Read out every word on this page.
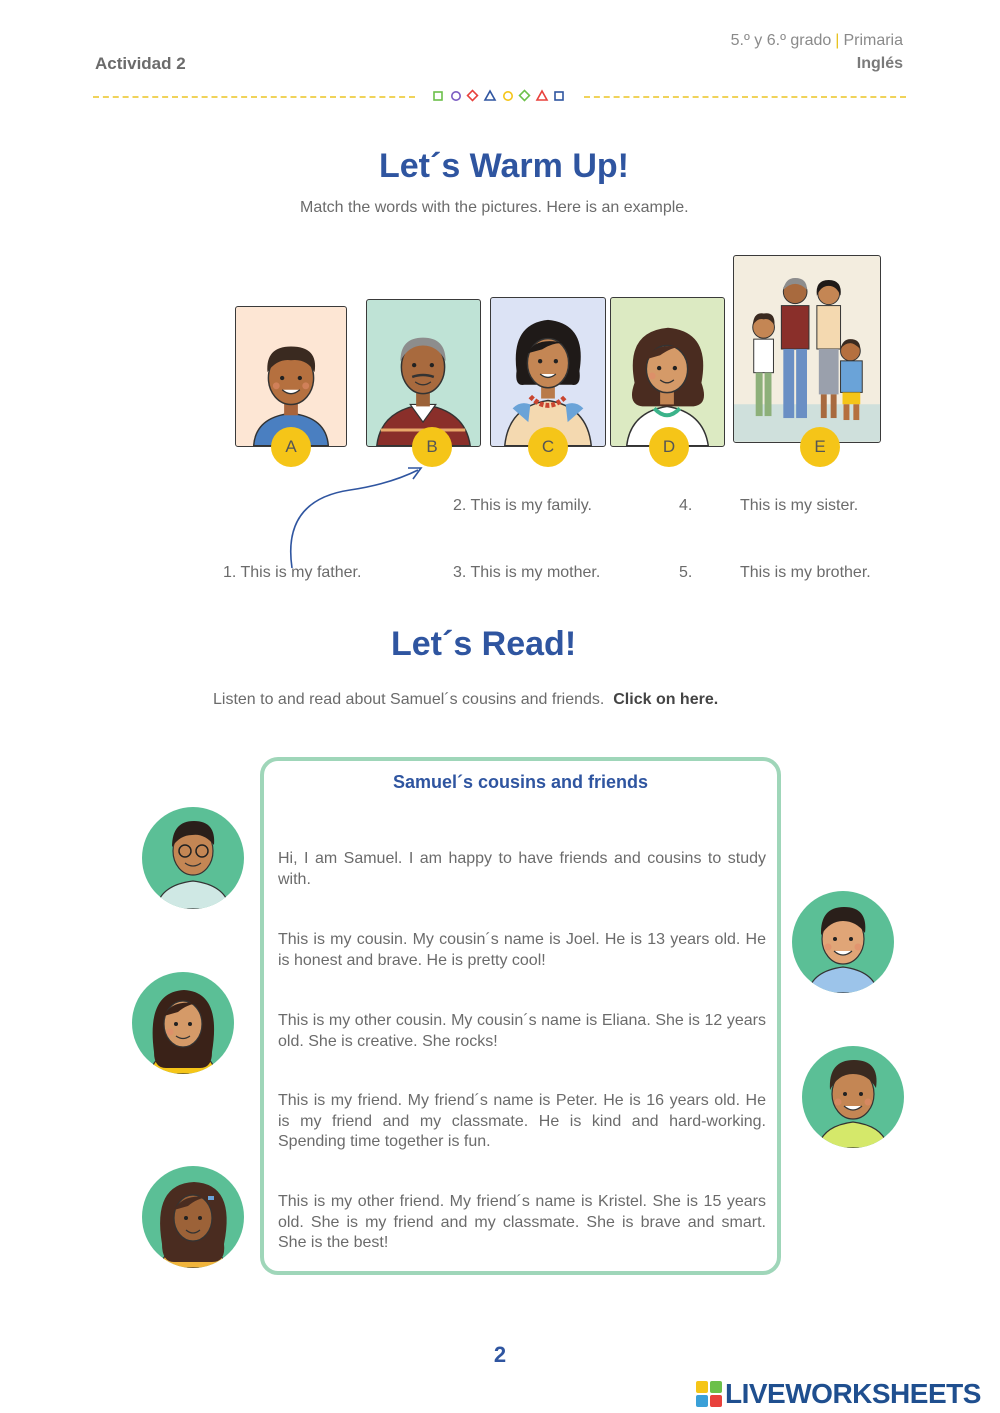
Actividad 2
5.º y 6.º grado | Primaria
Inglés
Let´s Warm Up!
Match the words with the pictures. Here is an example.
A	B	C	D	E
1. This is my father.
2. This is my family.
3. This is my mother.
4.	This is my sister.
5.	This is my brother.
Let´s Read!
Listen to and read about Samuel´s cousins and friends. Click on here.
Samuel´s cousins and friends
Hi, I am Samuel. I am happy to have friends and cousins to study with.
This is my cousin. My cousin´s name is Joel. He is 13 years old. He is honest and brave. He is pretty cool!
This is my other cousin. My cousin´s name is Eliana. She is 12 years old. She is creative. She rocks!
This is my friend. My friend´s name is Peter. He is 16 years old. He is my friend and my classmate. He is kind and hard-working. Spending time together is fun.
This is my other friend. My friend´s name is Kristel. She is 15 years old. She is my friend and my classmate. She is brave and smart. She is the best!
2
LIVEWORKSHEETS
